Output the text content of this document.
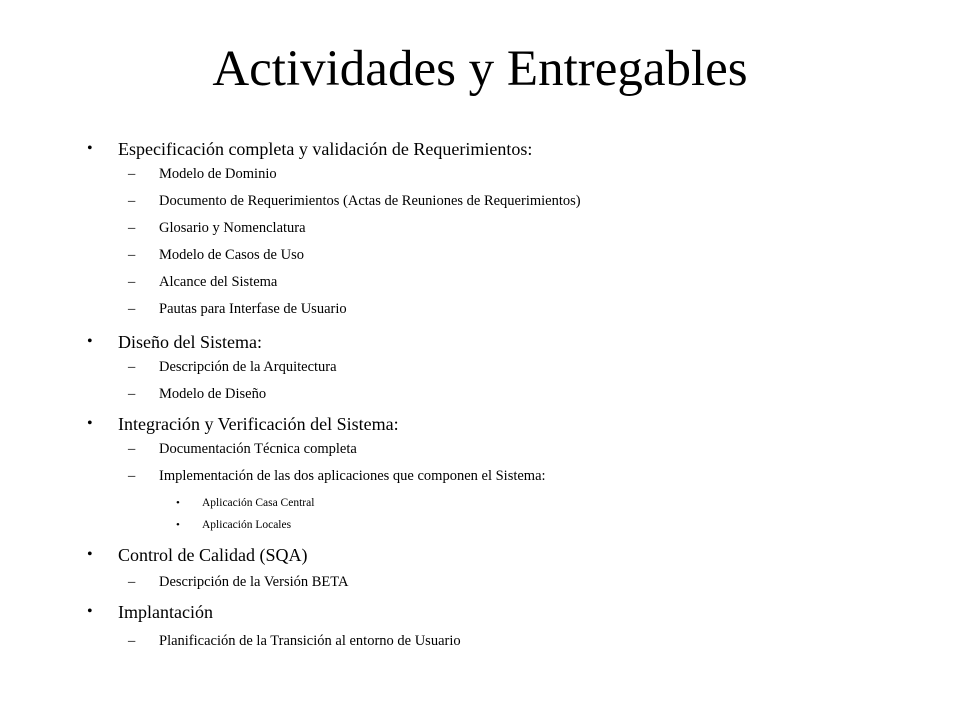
Actividades y Entregables
• Especificación completa y validación de Requerimientos:
– Modelo de Dominio
– Documento de Requerimientos (Actas de Reuniones de Requerimientos)
– Glosario y Nomenclatura
– Modelo de Casos de Uso
– Alcance del Sistema
– Pautas para Interfase de Usuario
• Diseño del Sistema:
– Descripción de la Arquitectura
– Modelo de Diseño
• Integración y Verificación del Sistema:
– Documentación Técnica completa
– Implementación de las dos aplicaciones que componen el Sistema:
• Aplicación Casa Central
• Aplicación Locales
• Control de Calidad (SQA)
– Descripción de la Versión BETA
• Implantación
– Planificación de la Transición al entorno de Usuario
